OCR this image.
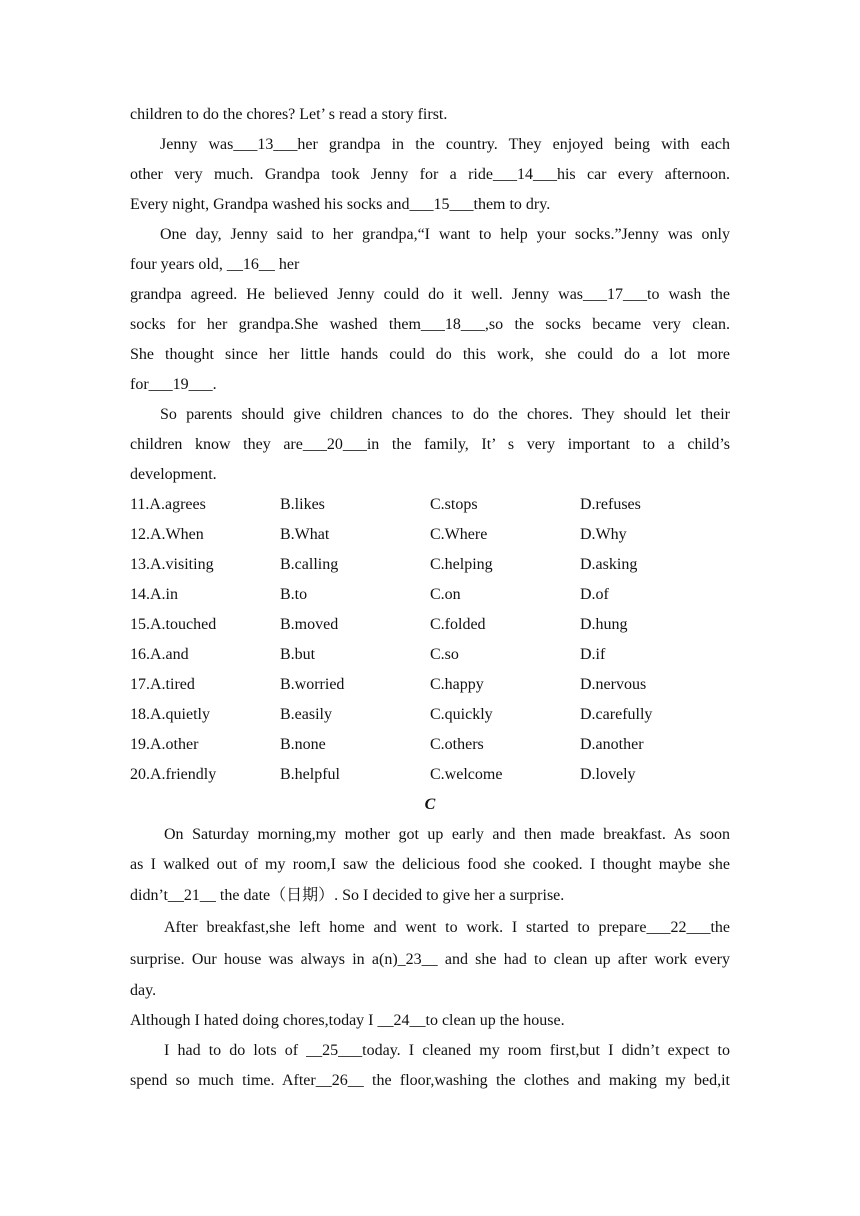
children to do the chores? Let’ s read a story first.
Jenny was___13___her grandpa in the country. They enjoyed being with each
other very much. Grandpa took Jenny for a ride___14___his car every afternoon.
Every night, Grandpa washed his socks and___15___them to dry.
One day, Jenny said to her grandpa,“I want to help your socks.”Jenny was only
four years old, __16__ her
grandpa agreed. He believed Jenny could do it well. Jenny was___17___to wash the
socks for her grandpa.She washed them___18___,so the socks became very clean.
She thought since her little hands could do this work, she could do a lot more
for___19___.
So parents should give children chances to do the chores. They should let their
children know they are___20___in the family, It’ s very important to a child’s
development.
11.A.agrees	B.likes	C.stops	D.refuses
12.A.When	B.What	C.Where	D.Why
13.A.visiting	B.calling	C.helping	D.asking
14.A.in	B.to	C.on	D.of
15.A.touched	B.moved	C.folded	D.hung
16.A.and	B.but	C.so	D.if
17.A.tired	B.worried	C.happy	D.nervous
18.A.quietly	B.easily	C.quickly	D.carefully
19.A.other	B.none	C.others	D.another
20.A.friendly	B.helpful	C.welcome	D.lovely
C
On Saturday morning,my mother got up early and then made breakfast. As soon
as I walked out of my room,I saw the delicious food she cooked. I thought maybe she
didn’t__21__ the date（日期）. So I decided to give her a surprise.
After breakfast,she left home and went to work. I started to prepare___22___the
surprise. Our house was always in a(n)_23__ and she had to clean up after work every
day.
Although I hated doing chores,today I __24__to clean up the house.
I had to do lots of __25___today. I cleaned my room first,but I didn’t expect to
spend so much time. After__26__ the floor,washing the clothes and making my bed,it
